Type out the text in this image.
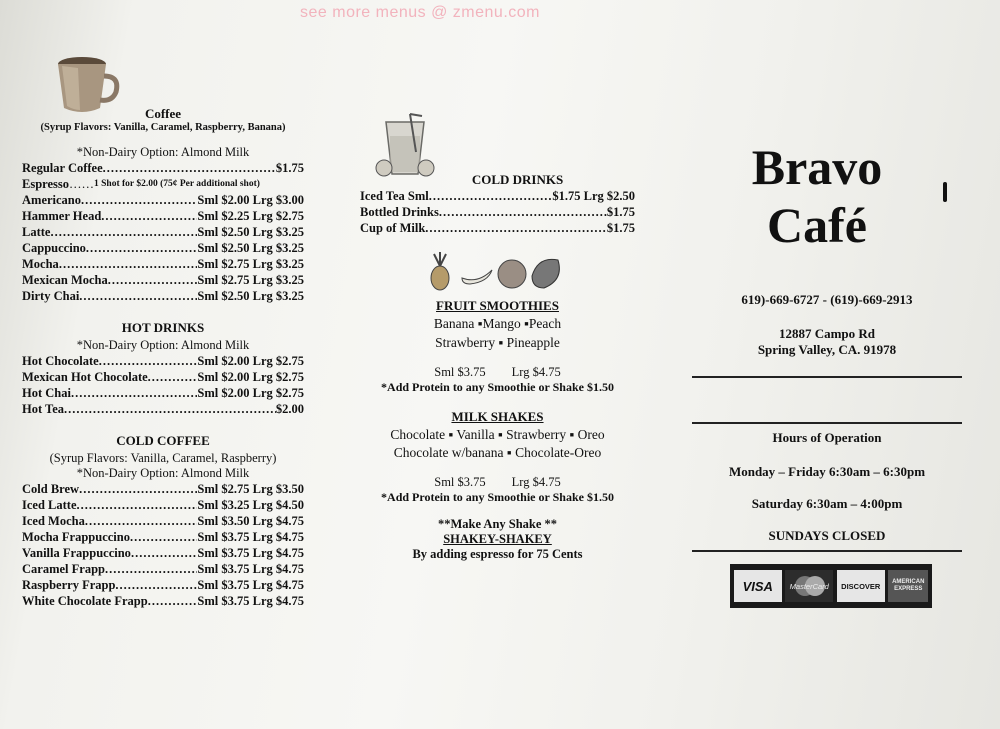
see more menus @ zmenu.com
Coffee
(Syrup Flavors: Vanilla, Caramel, Raspberry, Banana)
*Non-Dairy Option: Almond Milk
Regular Coffee .....	$1.75
Espresso …… 1 Shot for $2.00 (75¢ Per additional shot)
Americano .....	Sml $2.00 Lrg $3.00
Hammer Head .....	Sml $2.25 Lrg $2.75
Latte .....	Sml $2.50 Lrg $3.25
Cappuccino .....	Sml $2.50 Lrg $3.25
Mocha .....	Sml $2.75 Lrg $3.25
Mexican Mocha .....	Sml $2.75 Lrg $3.25
Dirty Chai .....	Sml $2.50 Lrg $3.25
HOT DRINKS
*Non-Dairy Option: Almond Milk
Hot Chocolate .....	Sml $2.00 Lrg $2.75
Mexican Hot Chocolate .....	Sml $2.00 Lrg $2.75
Hot Chai .....	Sml $2.00 Lrg $2.75
Hot Tea .....	$2.00
COLD COFFEE
(Syrup Flavors: Vanilla, Caramel, Raspberry)
*Non-Dairy Option: Almond Milk
Cold Brew .....	Sml $2.75 Lrg $3.50
Iced Latte .....	Sml $3.25 Lrg $4.50
Iced Mocha .....	Sml $3.50 Lrg $4.75
Mocha Frappuccino .....	Sml $3.75 Lrg $4.75
Vanilla Frappuccino .....	Sml $3.75 Lrg $4.75
Caramel Frapp .....	Sml $3.75 Lrg $4.75
Raspberry Frapp .....	Sml $3.75 Lrg $4.75
White Chocolate Frapp .....	Sml $3.75 Lrg $4.75
COLD DRINKS
Iced Tea Sml .....	$1.75 Lrg $2.50
Bottled Drinks .....	$1.75
Cup of Milk .....	$1.75
FRUIT SMOOTHIES
Banana ▪Mango ▪Peach
Strawberry ▪ Pineapple
Sml $3.75 Lrg $4.75
*Add Protein to any Smoothie or Shake $1.50
MILK SHAKES
Chocolate ▪ Vanilla ▪ Strawberry ▪ Oreo
Chocolate w/banana ▪ Chocolate-Oreo
Sml $3.75 Lrg $4.75
*Add Protein to any Smoothie or Shake $1.50
**Make Any Shake **
SHAKEY-SHAKEY
By adding espresso for 75 Cents
Bravo
Café
619)-669-6727 - (619)-669-2913
12887 Campo Rd
Spring Valley, CA. 91978
Hours of Operation
Monday – Friday 6:30am – 6:30pm
Saturday 6:30am – 4:00pm
SUNDAYS CLOSED
VISA	MasterCard	DISCOVER	AMERICAN EXPRESS
